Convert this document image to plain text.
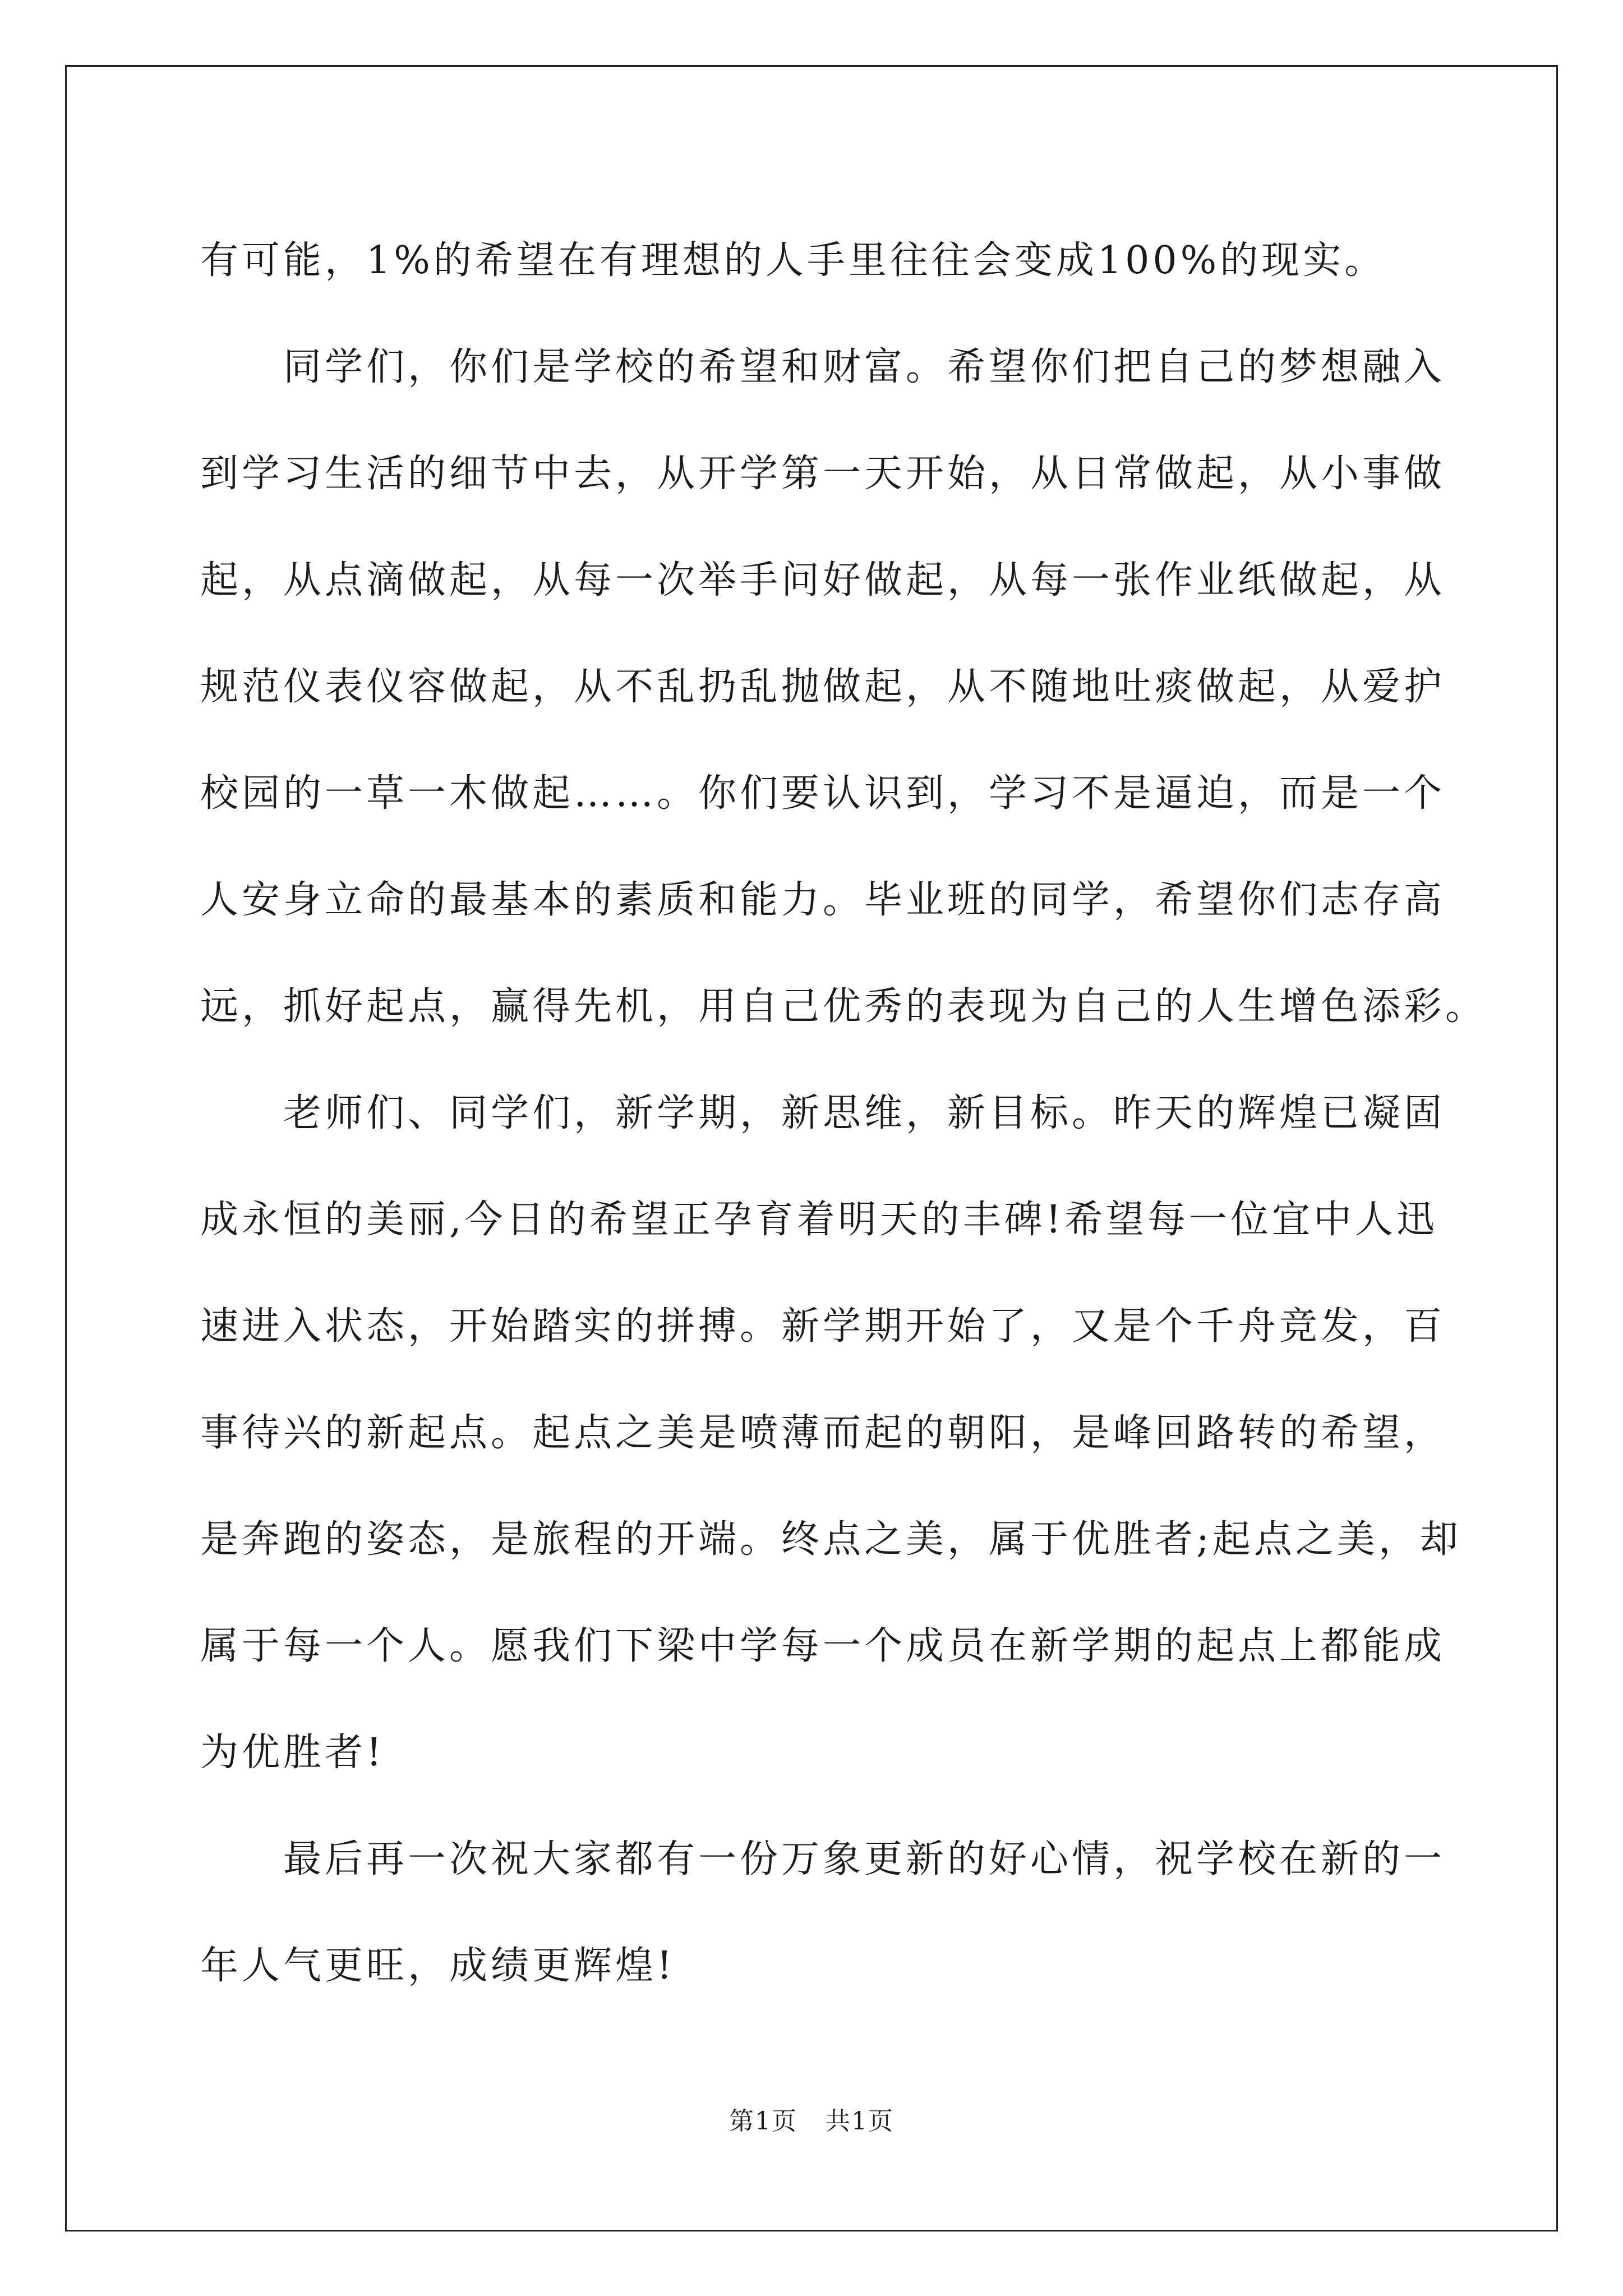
有可能，1%的希望在有理想的人手里往往会变成100%的现实。
同学们，你们是学校的希望和财富。希望你们把自己的梦想融入
到学习生活的细节中去，从开学第一天开始，从日常做起，从小事做
起，从点滴做起，从每一次举手问好做起，从每一张作业纸做起，从
规范仪表仪容做起，从不乱扔乱抛做起，从不随地吐痰做起，从爱护
校园的一草一木做起……。你们要认识到，学习不是逼迫，而是一个
人安身立命的最基本的素质和能力。毕业班的同学，希望你们志存高
远，抓好起点，赢得先机，用自己优秀的表现为自己的人生增色添彩。
老师们、同学们，新学期，新思维，新目标。昨天的辉煌已凝固
成永恒的美丽,今日的希望正孕育着明天的丰碑!希望每一位宜中人迅
速进入状态，开始踏实的拼搏。新学期开始了，又是个千舟竞发，百
事待兴的新起点。起点之美是喷薄而起的朝阳，是峰回路转的希望，
是奔跑的姿态，是旅程的开端。终点之美，属于优胜者;起点之美，却
属于每一个人。愿我们下梁中学每一个成员在新学期的起点上都能成
为优胜者!
最后再一次祝大家都有一份万象更新的好心情，祝学校在新的一
年人气更旺，成绩更辉煌!
第1页 共1页
